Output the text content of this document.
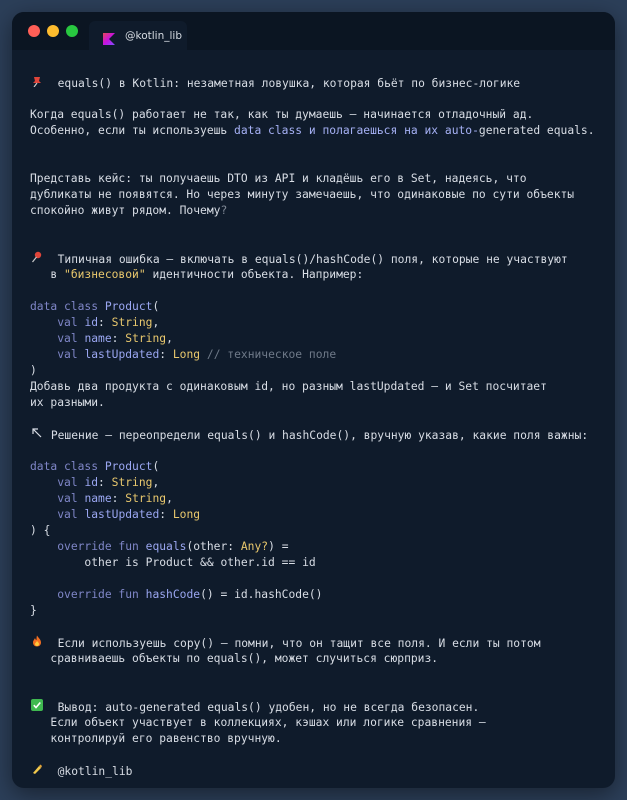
@kotlin_lib
equals() в Kotlin: незаметная ловушка, которая бьёт по бизнес-логике
Когда equals() работает не так, как ты думаешь — начинается отладочный ад.
Особенно, если ты используешь data class и полагаешься на их auto-generated equals.
Представь кейс: ты получаешь DTO из API и кладёшь его в Set, надеясь, что
дубликаты не появятся. Но через минуту замечаешь, что одинаковые по сути объекты
спокойно живут рядом. Почему?
Типичная ошибка — включать в equals()/hashCode() поля, которые не участвуют
в "бизнесовой" идентичности объекта. Например:
data class Product(
val id: String,
val name: String,
val lastUpdated: Long // техническое поле
)
Добавь два продукта с одинаковым id, но разным lastUpdated — и Set посчитает
их разными.
Решение — переопредели equals() и hashCode(), вручную указав, какие поля важны:
data class Product(
val id: String,
val name: String,
val lastUpdated: Long
) {
override fun equals(other: Any?) =
other is Product && other.id == id
override fun hashCode() = id.hashCode()
}
Если используешь copy() — помни, что он тащит все поля. И если ты потом
сравниваешь объекты по equals(), может случиться сюрприз.
Вывод: auto-generated equals() удобен, но не всегда безопасен.
Если объект участвует в коллекциях, кэшах или логике сравнения —
контролируй его равенство вручную.
@kotlin_lib
